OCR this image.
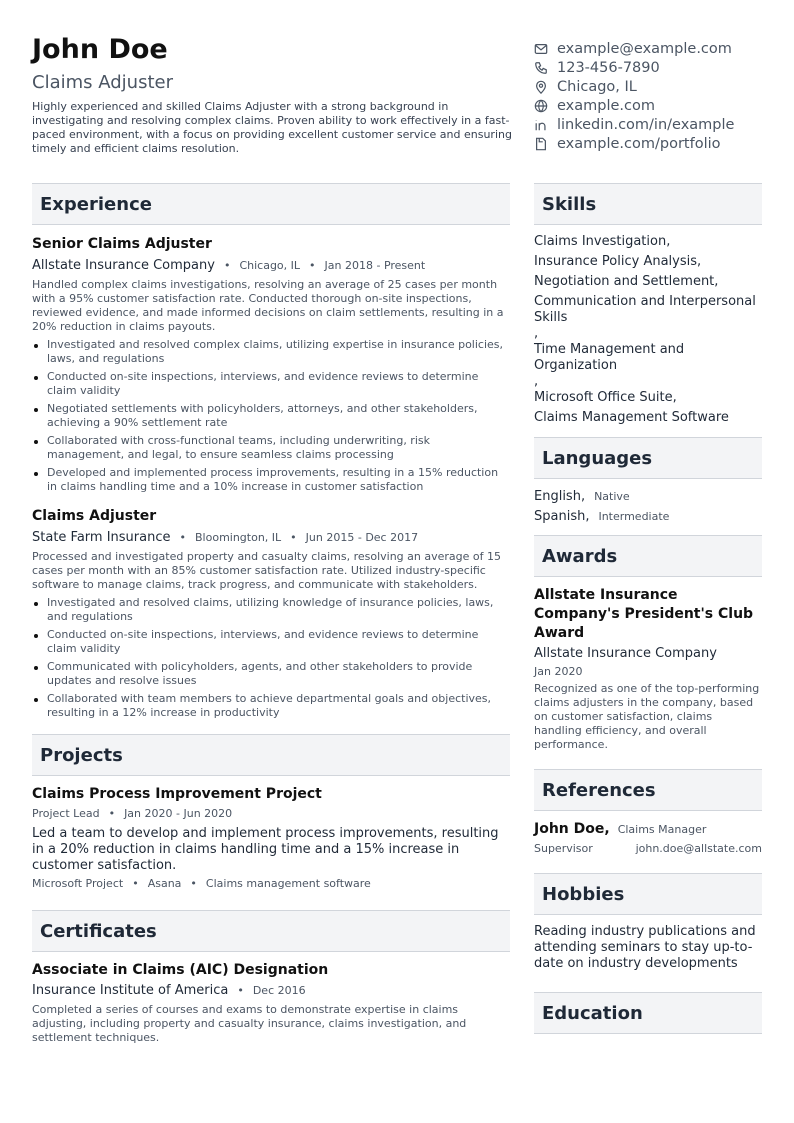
John Doe
Claims Adjuster
Highly experienced and skilled Claims Adjuster with a strong background in investigating and resolving complex claims. Proven ability to work effectively in a fast-paced environment, with a focus on providing excellent customer service and ensuring timely and efficient claims resolution.
example@example.com
123-456-7890
Chicago, IL
example.com
linkedin.com/in/example
example.com/portfolio
Experience
Senior Claims Adjuster
Allstate Insurance Company • Chicago, IL • Jan 2018 - Present
Handled complex claims investigations, resolving an average of 25 cases per month with a 95% customer satisfaction rate. Conducted thorough on-site inspections, reviewed evidence, and made informed decisions on claim settlements, resulting in a 20% reduction in claims payouts.
Investigated and resolved complex claims, utilizing expertise in insurance policies, laws, and regulations
Conducted on-site inspections, interviews, and evidence reviews to determine claim validity
Negotiated settlements with policyholders, attorneys, and other stakeholders, achieving a 90% settlement rate
Collaborated with cross-functional teams, including underwriting, risk management, and legal, to ensure seamless claims processing
Developed and implemented process improvements, resulting in a 15% reduction in claims handling time and a 10% increase in customer satisfaction
Claims Adjuster
State Farm Insurance • Bloomington, IL • Jun 2015 - Dec 2017
Processed and investigated property and casualty claims, resolving an average of 15 cases per month with an 85% customer satisfaction rate. Utilized industry-specific software to manage claims, track progress, and communicate with stakeholders.
Investigated and resolved claims, utilizing knowledge of insurance policies, laws, and regulations
Conducted on-site inspections, interviews, and evidence reviews to determine claim validity
Communicated with policyholders, agents, and other stakeholders to provide updates and resolve issues
Collaborated with team members to achieve departmental goals and objectives, resulting in a 12% increase in productivity
Projects
Claims Process Improvement Project
Project Lead • Jan 2020 - Jun 2020
Led a team to develop and implement process improvements, resulting in a 20% reduction in claims handling time and a 15% increase in customer satisfaction.
Microsoft Project • Asana • Claims management software
Certificates
Associate in Claims (AIC) Designation
Insurance Institute of America • Dec 2016
Completed a series of courses and exams to demonstrate expertise in claims adjusting, including property and casualty insurance, claims investigation, and settlement techniques.
Skills
Claims Investigation,
Insurance Policy Analysis,
Negotiation and Settlement,
Communication and Interpersonal Skills
,
Time Management and Organization
,
Microsoft Office Suite,
Claims Management Software
Languages
English, Native
Spanish, Intermediate
Awards
Allstate Insurance Company's President's Club Award
Allstate Insurance Company
Jan 2020
Recognized as one of the top-performing claims adjusters in the company, based on customer satisfaction, claims handling efficiency, and overall performance.
References
John Doe, Claims Manager
Supervisor	john.doe@allstate.com
Hobbies
Reading industry publications and attending seminars to stay up-to-date on industry developments
Education
